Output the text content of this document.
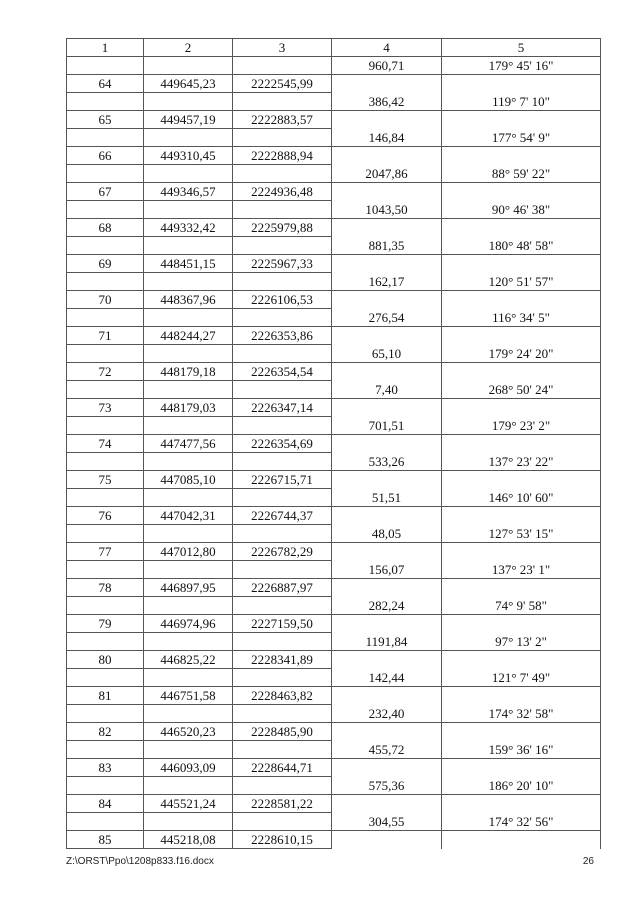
1	2	3	4	5
			960,71	179° 45' 16"
64	449645,23	2222545,99		
			386,42	119° 7' 10"
65	449457,19	2222883,57		
			146,84	177° 54' 9"
66	449310,45	2222888,94		
			2047,86	88° 59' 22"
67	449346,57	2224936,48		
			1043,50	90° 46' 38"
68	449332,42	2225979,88		
			881,35	180° 48' 58"
69	448451,15	2225967,33		
			162,17	120° 51' 57"
70	448367,96	2226106,53		
			276,54	116° 34' 5"
71	448244,27	2226353,86		
			65,10	179° 24' 20"
72	448179,18	2226354,54		
			7,40	268° 50' 24"
73	448179,03	2226347,14		
			701,51	179° 23' 2"
74	447477,56	2226354,69		
			533,26	137° 23' 22"
75	447085,10	2226715,71		
			51,51	146° 10' 60"
76	447042,31	2226744,37		
			48,05	127° 53' 15"
77	447012,80	2226782,29		
			156,07	137° 23' 1"
78	446897,95	2226887,97		
			282,24	74° 9' 58"
79	446974,96	2227159,50		
			1191,84	97° 13' 2"
80	446825,22	2228341,89		
			142,44	121° 7' 49"
81	446751,58	2228463,82		
			232,40	174° 32' 58"
82	446520,23	2228485,90		
			455,72	159° 36' 16"
83	446093,09	2228644,71		
			575,36	186° 20' 10"
84	445521,24	2228581,22		
			304,55	174° 32' 56"
85	445218,08	2228610,15		
Z:\ORST\Ppo\1208p833.f16.docx	26
